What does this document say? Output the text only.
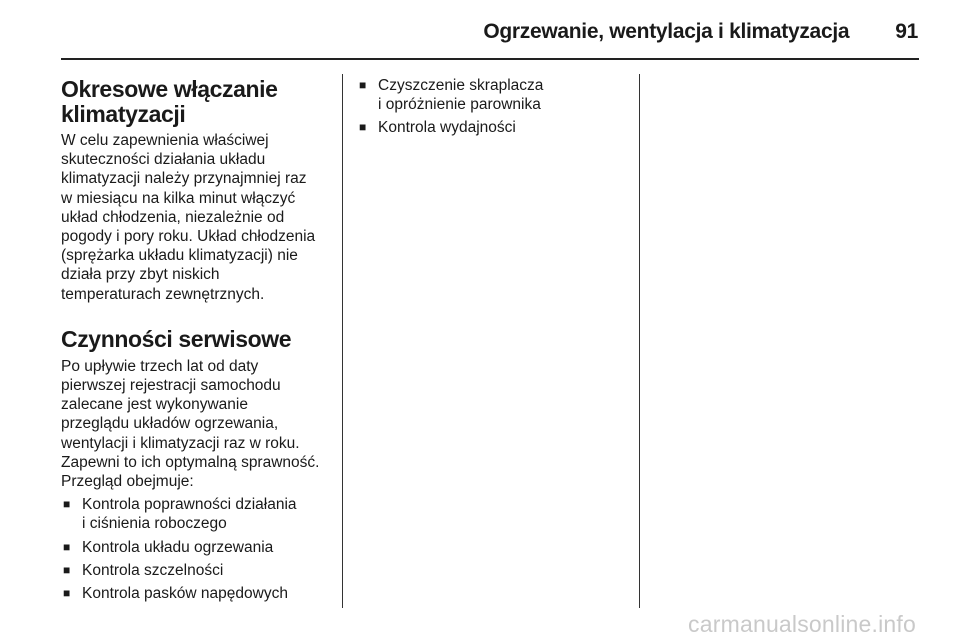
Ogrzewanie, wentylacja i klimatyzacja 91
Okresowe włączanie
klimatyzacji

W celu zapewnienia właściwej
skuteczności działania układu
klimatyzacji należy przynajmniej raz
w miesiącu na kilka minut włączyć
układ chłodzenia, niezależnie od
pogody i pory roku. Układ chłodzenia
(sprężarka układu klimatyzacji) nie
działa przy zbyt niskich
temperaturach zewnętrznych.

Czynności serwisowe

Po upływie trzech lat od daty
pierwszej rejestracji samochodu
zalecane jest wykonywanie
przeglądu układów ogrzewania,
wentylacji i klimatyzacji raz w roku.
Zapewni to ich optymalną sprawność.
Przegląd obejmuje:

■ Kontrola poprawności działania
i ciśnienia roboczego
■ Kontrola układu ogrzewania
■ Kontrola szczelności
■ Kontrola pasków napędowych
■ Czyszczenie skraplacza
i opróżnienie parownika
■ Kontrola wydajności
carmanualsonline.info
